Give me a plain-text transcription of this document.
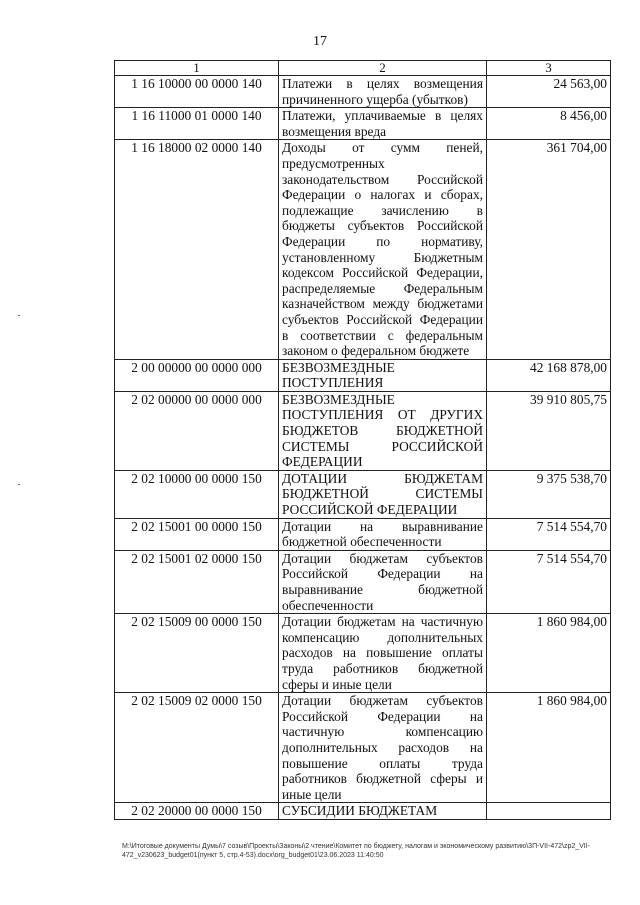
17
1	2	3
1 16 10000 00 0000 140	Платежи в целях возмещения причиненного ущерба (убытков)	24 563,00
1 16 11000 01 0000 140	Платежи, уплачиваемые в целях возмещения вреда	8 456,00
1 16 18000 02 0000 140	Доходы от сумм пеней, предусмотренных законодательством Российской Федерации о налогах и сборах, подлежащие зачислению в бюджеты субъектов Российской Федерации по нормативу, установленному Бюджетным кодексом Российской Федерации, распределяемые Федеральным казначейством между бюджетами субъектов Российской Федерации в соответствии с федеральным законом о федеральном бюджете	361 704,00
2 00 00000 00 0000 000	БЕЗВОЗМЕЗДНЫЕ ПОСТУПЛЕНИЯ	42 168 878,00
2 02 00000 00 0000 000	БЕЗВОЗМЕЗДНЫЕ ПОСТУПЛЕНИЯ ОТ ДРУГИХ БЮДЖЕТОВ БЮДЖЕТНОЙ СИСТЕМЫ РОССИЙСКОЙ ФЕДЕРАЦИИ	39 910 805,75
2 02 10000 00 0000 150	ДОТАЦИИ БЮДЖЕТАМ БЮДЖЕТНОЙ СИСТЕМЫ РОССИЙСКОЙ ФЕДЕРАЦИИ	9 375 538,70
2 02 15001 00 0000 150	Дотации на выравнивание бюджетной обеспеченности	7 514 554,70
2 02 15001 02 0000 150	Дотации бюджетам субъектов Российской Федерации на выравнивание бюджетной обеспеченности	7 514 554,70
2 02 15009 00 0000 150	Дотации бюджетам на частичную компенсацию дополнительных расходов на повышение оплаты труда работников бюджетной сферы и иные цели	1 860 984,00
2 02 15009 02 0000 150	Дотации бюджетам субъектов Российской Федерации на частичную компенсацию дополнительных расходов на повышение оплаты труда работников бюджетной сферы и иные цели	1 860 984,00
2 02 20000 00 0000 150	СУБСИДИИ БЮДЖЕТАМ	
M:\Итоговые документы Думы\7 созыв\Проекты\Законы\2 чтение\Комитет по бюджету, налогам и экономическому развитию\3П-VII-472\zp2_VII-472_v230623_budget01(пункт 5, стр.4-53).docx\org_budget01\23.06.2023 11:40:50
